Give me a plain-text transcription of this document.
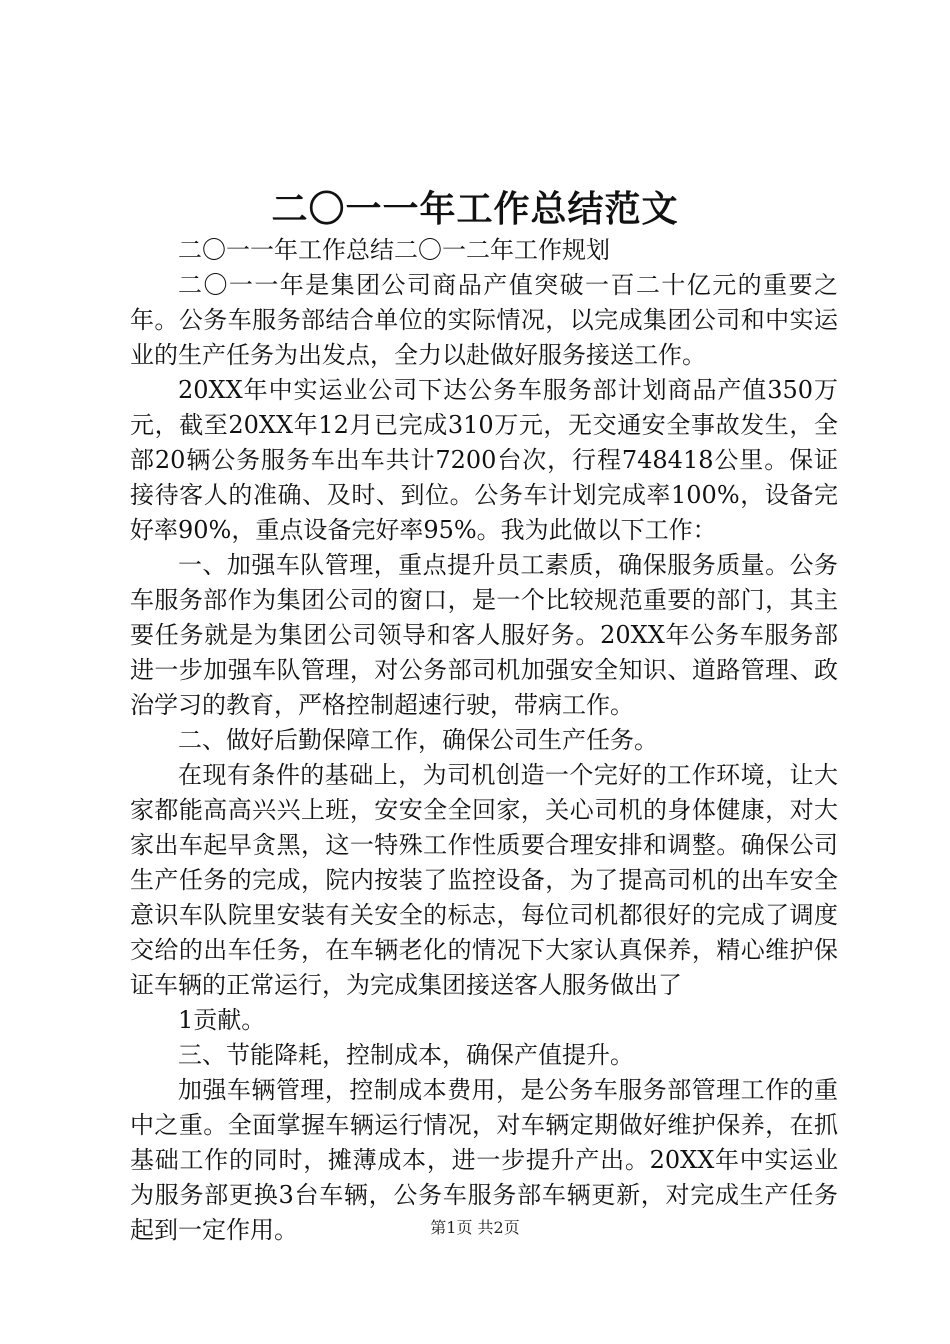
二〇一一年工作总结范文

二〇一一年工作总结二〇一二年工作规划

二〇一一年是集团公司商品产值突破一百二十亿元的重要之年。公务车服务部结合单位的实际情况，以完成集团公司和中实运业的生产任务为出发点，全力以赴做好服务接送工作。

20XX年中实运业公司下达公务车服务部计划商品产值350万元，截至20XX年12月已完成310万元，无交通安全事故发生，全部20辆公务服务车出车共计7200台次，行程748418公里。保证接待客人的准确、及时、到位。公务车计划完成率100%，设备完好率90%，重点设备完好率95%。我为此做以下工作：

一、加强车队管理，重点提升员工素质，确保服务质量。公务车服务部作为集团公司的窗口，是一个比较规范重要的部门，其主要任务就是为集团公司领导和客人服好务。20XX年公务车服务部进一步加强车队管理，对公务部司机加强安全知识、道路管理、政治学习的教育，严格控制超速行驶，带病工作。

二、做好后勤保障工作，确保公司生产任务。

在现有条件的基础上，为司机创造一个完好的工作环境，让大家都能高高兴兴上班，安安全全回家，关心司机的身体健康，对大家出车起早贪黑，这一特殊工作性质要合理安排和调整。确保公司生产任务的完成，院内按装了监控设备，为了提高司机的出车安全意识车队院里安装有关安全的标志，每位司机都很好的完成了调度交给的出车任务，在车辆老化的情况下大家认真保养，精心维护保证车辆的正常运行，为完成集团接送客人服务做出了

1贡献。

三、节能降耗，控制成本，确保产值提升。

加强车辆管理，控制成本费用，是公务车服务部管理工作的重中之重。全面掌握车辆运行情况，对车辆定期做好维护保养，在抓基础工作的同时，摊薄成本，进一步提升产出。20XX年中实运业为服务部更换3台车辆，公务车服务部车辆更新，对完成生产任务起到一定作用。	第1页 共2页
